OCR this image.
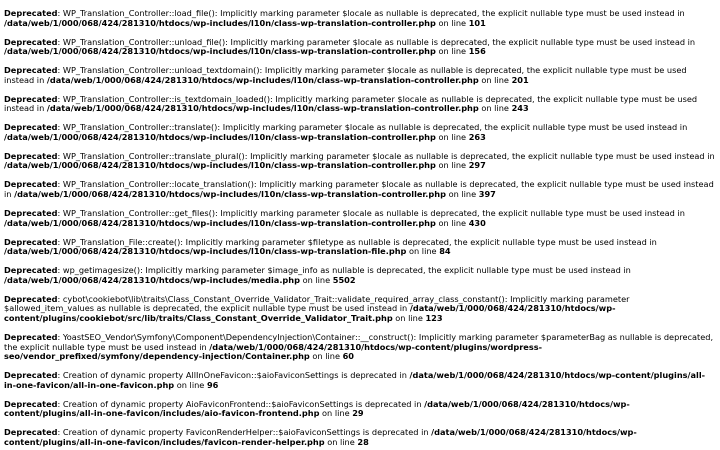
Deprecated: WP_Translation_Controller::load_file(): Implicitly marking parameter $locale as nullable is deprecated, the explicit nullable type must be used instead in /data/web/1/000/068/424/281310/htdocs/wp-includes/l10n/class-wp-translation-controller.php on line 101

Deprecated: WP_Translation_Controller::unload_file(): Implicitly marking parameter $locale as nullable is deprecated, the explicit nullable type must be used instead in /data/web/1/000/068/424/281310/htdocs/wp-includes/l10n/class-wp-translation-controller.php on line 156

Deprecated: WP_Translation_Controller::unload_textdomain(): Implicitly marking parameter $locale as nullable is deprecated, the explicit nullable type must be used instead in /data/web/1/000/068/424/281310/htdocs/wp-includes/l10n/class-wp-translation-controller.php on line 201

Deprecated: WP_Translation_Controller::is_textdomain_loaded(): Implicitly marking parameter $locale as nullable is deprecated, the explicit nullable type must be used instead in /data/web/1/000/068/424/281310/htdocs/wp-includes/l10n/class-wp-translation-controller.php on line 243

Deprecated: WP_Translation_Controller::translate(): Implicitly marking parameter $locale as nullable is deprecated, the explicit nullable type must be used instead in /data/web/1/000/068/424/281310/htdocs/wp-includes/l10n/class-wp-translation-controller.php on line 263

Deprecated: WP_Translation_Controller::translate_plural(): Implicitly marking parameter $locale as nullable is deprecated, the explicit nullable type must be used instead in /data/web/1/000/068/424/281310/htdocs/wp-includes/l10n/class-wp-translation-controller.php on line 297

Deprecated: WP_Translation_Controller::locate_translation(): Implicitly marking parameter $locale as nullable is deprecated, the explicit nullable type must be used instead in /data/web/1/000/068/424/281310/htdocs/wp-includes/l10n/class-wp-translation-controller.php on line 397

Deprecated: WP_Translation_Controller::get_files(): Implicitly marking parameter $locale as nullable is deprecated, the explicit nullable type must be used instead in /data/web/1/000/068/424/281310/htdocs/wp-includes/l10n/class-wp-translation-controller.php on line 430

Deprecated: WP_Translation_File::create(): Implicitly marking parameter $filetype as nullable is deprecated, the explicit nullable type must be used instead in /data/web/1/000/068/424/281310/htdocs/wp-includes/l10n/class-wp-translation-file.php on line 84

Deprecated: wp_getimagesize(): Implicitly marking parameter $image_info as nullable is deprecated, the explicit nullable type must be used instead in /data/web/1/000/068/424/281310/htdocs/wp-includes/media.php on line 5502

Deprecated: cybot\cookiebot\lib\traits\Class_Constant_Override_Validator_Trait::validate_required_array_class_constant(): Implicitly marking parameter $allowed_item_values as nullable is deprecated, the explicit nullable type must be used instead in /data/web/1/000/068/424/281310/htdocs/wp-content/plugins/cookiebot/src/lib/traits/Class_Constant_Override_Validator_Trait.php on line 123

Deprecated: YoastSEO_Vendor\Symfony\Component\DependencyInjection\Container::__construct(): Implicitly marking parameter $parameterBag as nullable is deprecated, the explicit nullable type must be used instead in /data/web/1/000/068/424/281310/htdocs/wp-content/plugins/wordpress-seo/vendor_prefixed/symfony/dependency-injection/Container.php on line 60

Deprecated: Creation of dynamic property AllInOneFavicon::$aioFaviconSettings is deprecated in /data/web/1/000/068/424/281310/htdocs/wp-content/plugins/all-in-one-favicon/all-in-one-favicon.php on line 96

Deprecated: Creation of dynamic property AioFaviconFrontend::$aioFaviconSettings is deprecated in /data/web/1/000/068/424/281310/htdocs/wp-content/plugins/all-in-one-favicon/includes/aio-favicon-frontend.php on line 29

Deprecated: Creation of dynamic property FaviconRenderHelper::$aioFaviconSettings is deprecated in /data/web/1/000/068/424/281310/htdocs/wp-content/plugins/all-in-one-favicon/includes/favicon-render-helper.php on line 28
